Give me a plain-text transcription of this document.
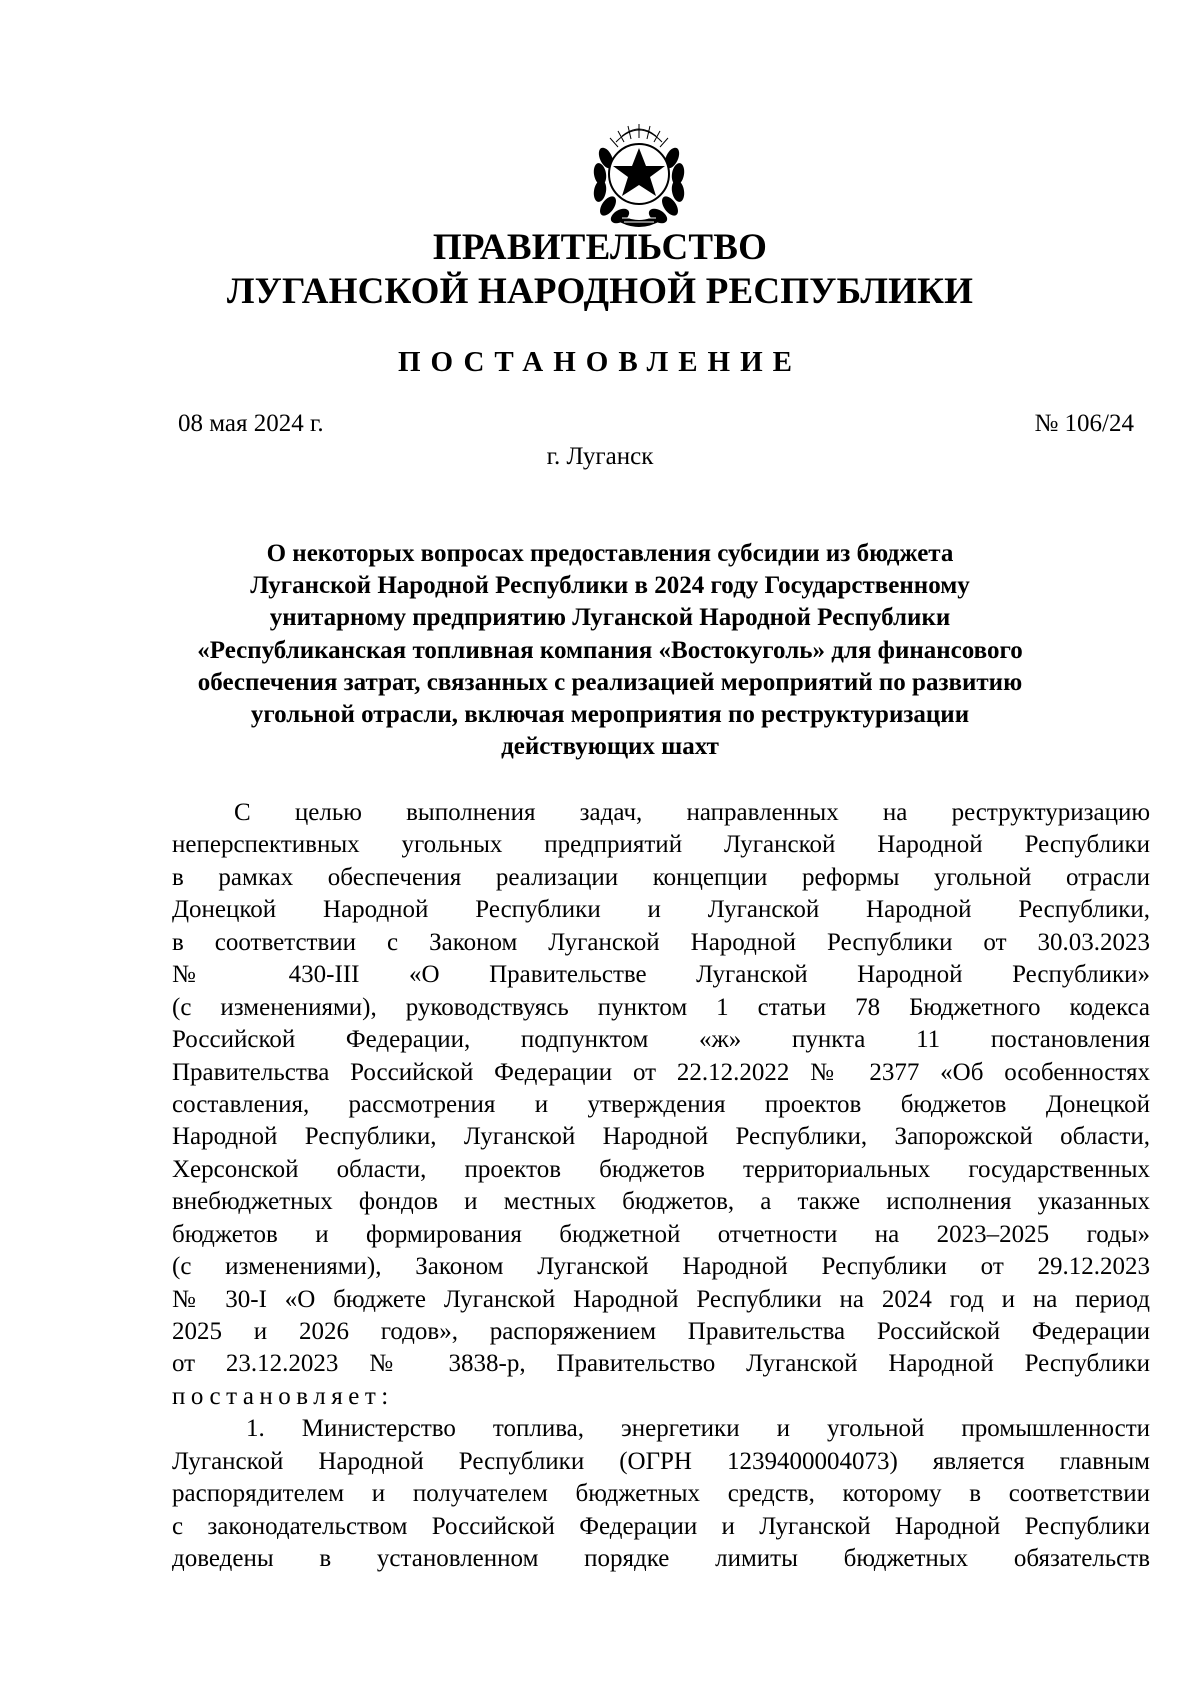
ПРАВИТЕЛЬСТВО
ЛУГАНСКОЙ НАРОДНОЙ РЕСПУБЛИКИ
ПОСТАНОВЛЕНИЕ
08 мая 2024 г.	№ 106/24
г. Луганск
О некоторых вопросах предоставления субсидии из бюджета
Луганской Народной Республики в 2024 году Государственному
унитарному предприятию Луганской Народной Республики
«Республиканская топливная компания «Востокуголь» для финансового
обеспечения затрат, связанных с реализацией мероприятий по развитию
угольной отрасли, включая мероприятия по реструктуризации
действующих шахт
С целью выполнения задач, направленных на реструктуризацию
неперспективных угольных предприятий Луганской Народной Республики
в рамках обеспечения реализации концепции реформы угольной отрасли
Донецкой Народной Республики и Луганской Народной Республики,
в соответствии с Законом Луганской Народной Республики от 30.03.2023
№ 430-III «О Правительстве Луганской Народной Республики»
(с изменениями), руководствуясь пунктом 1 статьи 78 Бюджетного кодекса
Российской Федерации, подпунктом «ж» пункта 11 постановления
Правительства Российской Федерации от 22.12.2022 № 2377 «Об особенностях
составления, рассмотрения и утверждения проектов бюджетов Донецкой
Народной Республики, Луганской Народной Республики, Запорожской области,
Херсонской области, проектов бюджетов территориальных государственных
внебюджетных фондов и местных бюджетов, а также исполнения указанных
бюджетов и формирования бюджетной отчетности на 2023–2025 годы»
(с изменениями), Законом Луганской Народной Республики от 29.12.2023
№ 30-I «О бюджете Луганской Народной Республики на 2024 год и на период
2025 и 2026 годов», распоряжением Правительства Российской Федерации
от 23.12.2023 № 3838-р, Правительство Луганской Народной Республики
постановляет:
1. Министерство топлива, энергетики и угольной промышленности
Луганской Народной Республики (ОГРН 1239400004073) является главным
распорядителем и получателем бюджетных средств, которому в соответствии
с законодательством Российской Федерации и Луганской Народной Республики
доведены в установленном порядке лимиты бюджетных обязательств
